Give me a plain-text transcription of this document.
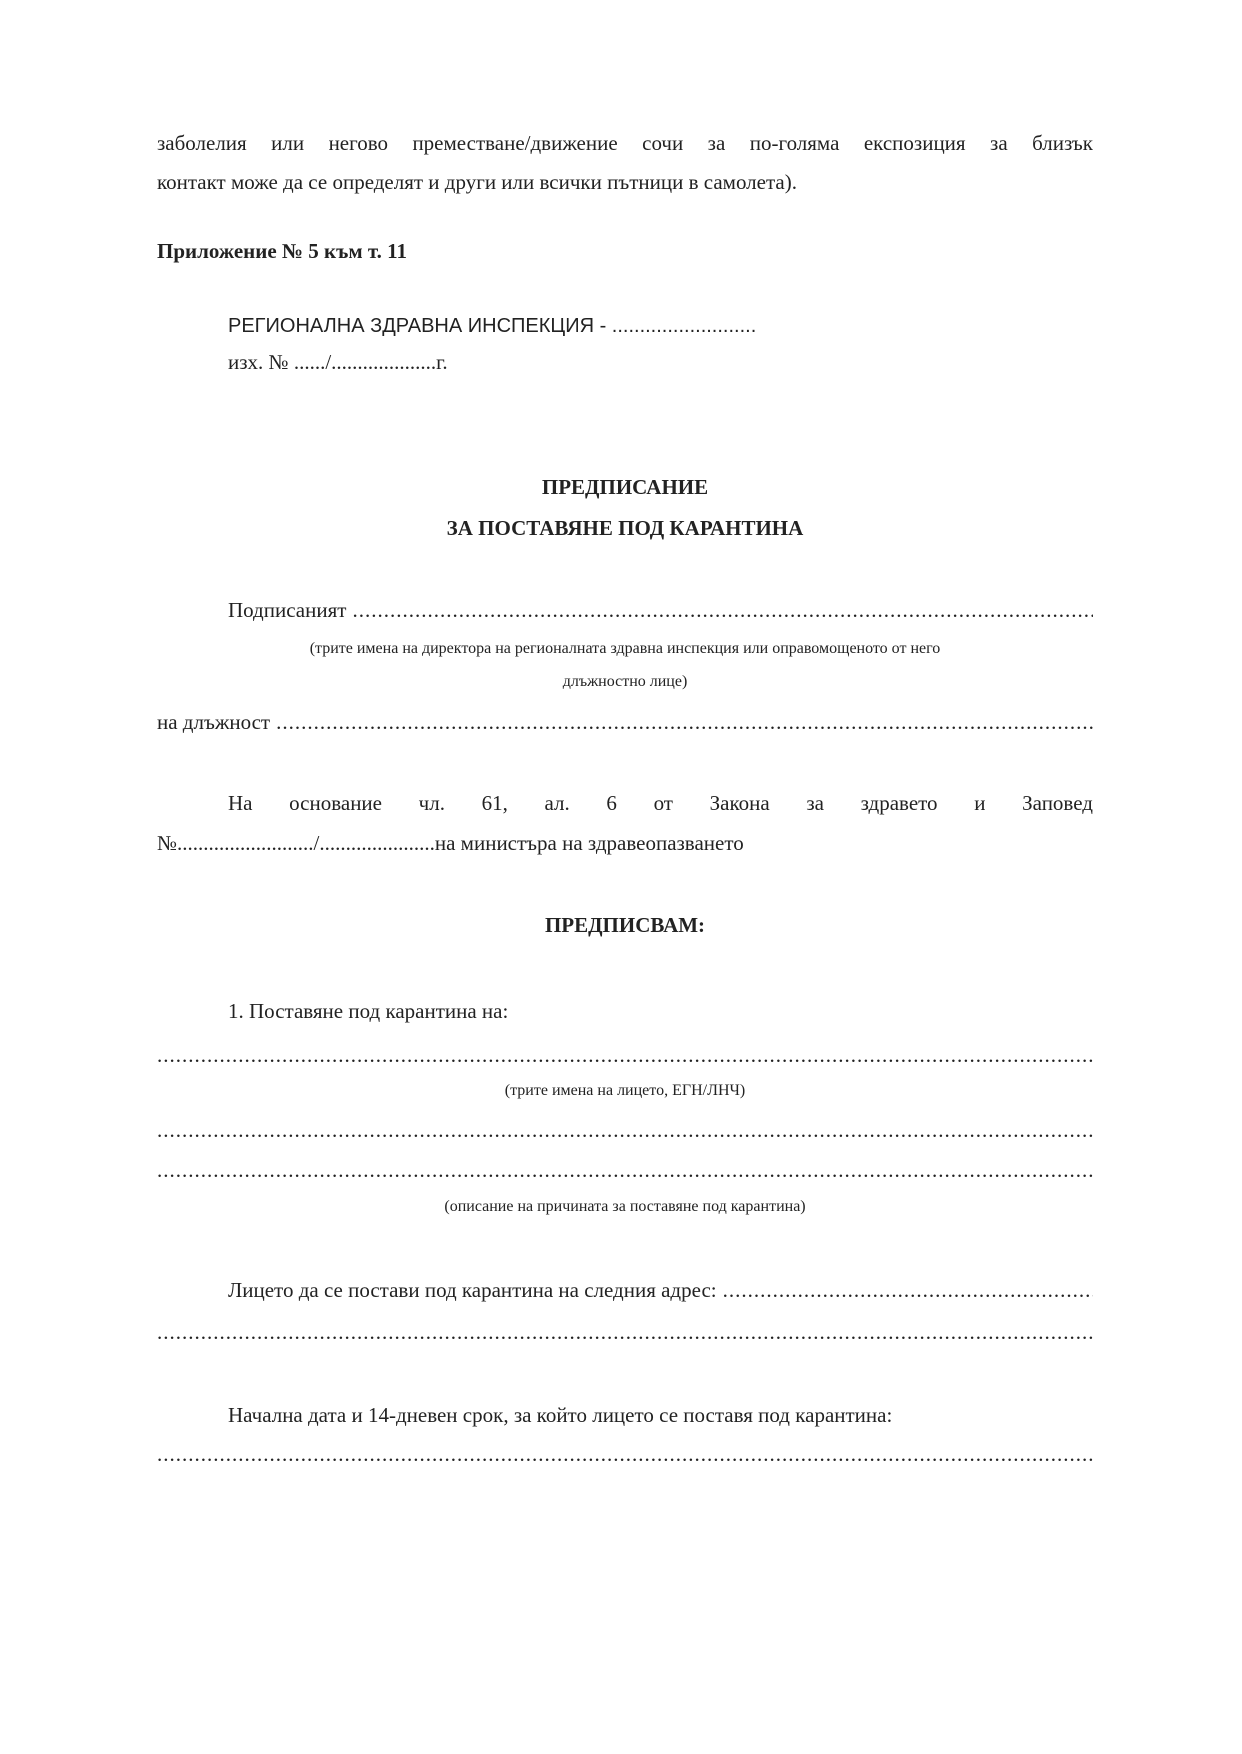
заболелия или негово преместване/движение сочи за по-голяма експозиция за близък
контакт може да се определят и други или всички пътници в самолета).
Приложение № 5 към т. 11
РЕГИОНАЛНА ЗДРАВНА ИНСПЕКЦИЯ - ..........................
изх. № ....../....................г.
ПРЕДПИСАНИЕ
ЗА ПОСТАВЯНЕ ПОД КАРАНТИНА
Подписаният
.....
(трите имена на директора на регионалната здравна инспекция или оправомощеното от него
длъжностно лице)
на длъжност
.....
На основание чл. 61, ал. 6 от Закона за здравето и Заповед
№........................../......................на министъра на здравеопазването
ПРЕДПИСВАМ:
1. Поставяне под карантина на:
.....
(трите имена на лицето, ЕГН/ЛНЧ)
.....
.....
(описание на причината за поставяне под карантина)
Лицето да се постави под карантина на следния адрес:
.....
.....
Начална дата и 14-дневен срок, за който лицето се поставя под карантина:
.....
